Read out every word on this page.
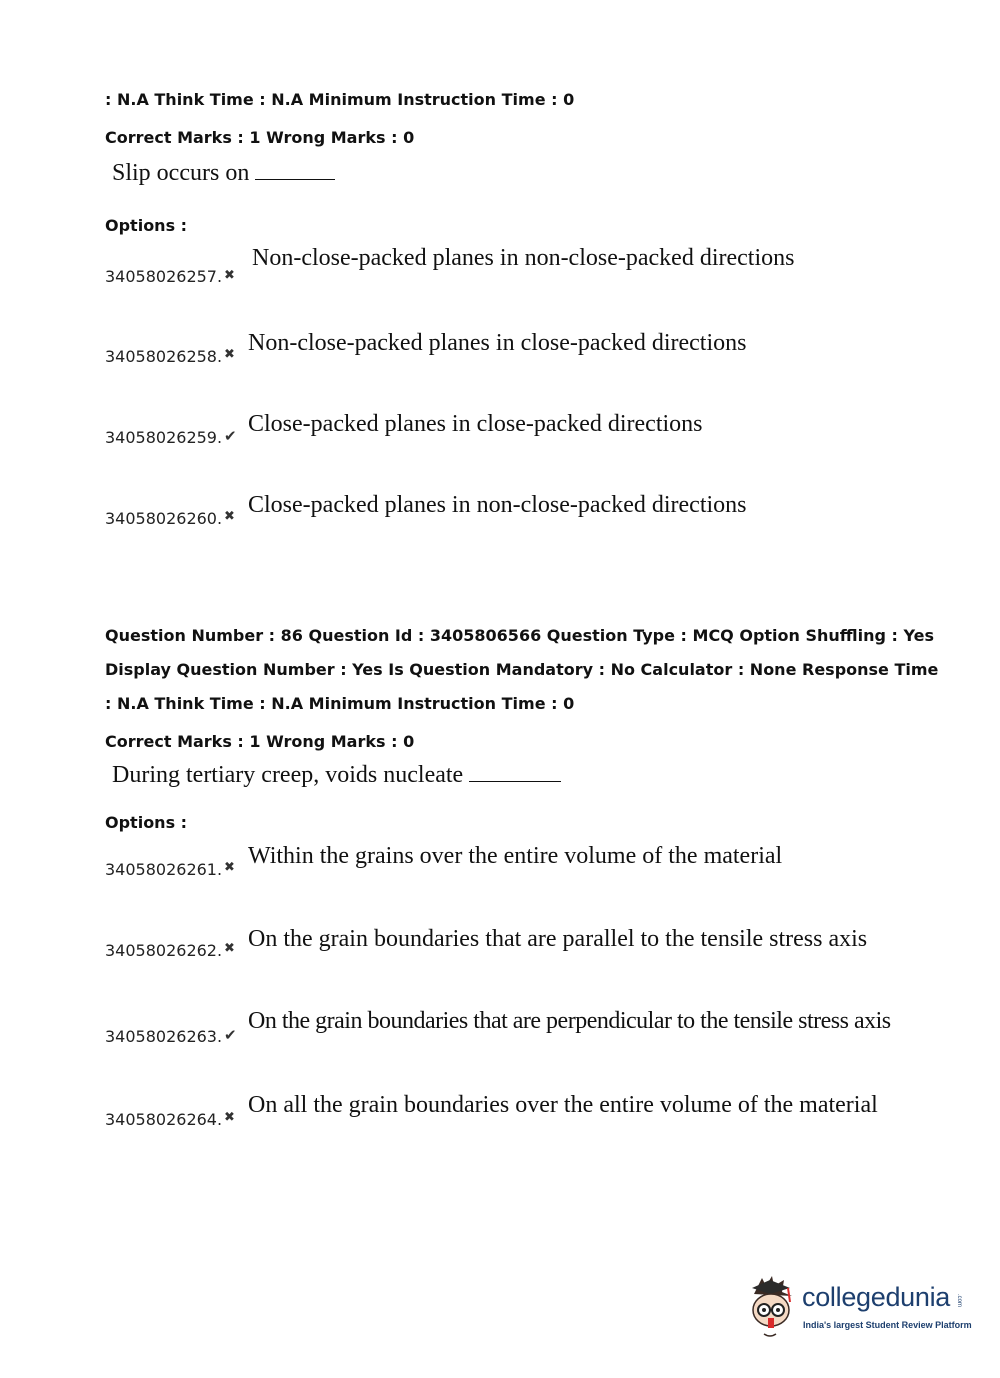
: N.A Think Time : N.A Minimum Instruction Time : 0
Correct Marks : 1 Wrong Marks : 0
Slip occurs on
Options :
34058026257. ✖
Non-close-packed planes in non-close-packed directions
34058026258. ✖ Non-close-packed planes in close-packed directions
34058026259. ✔ Close-packed planes in close-packed directions
34058026260. ✖ Close-packed planes in non-close-packed directions
Question Number : 86 Question Id : 3405806566 Question Type : MCQ Option Shuffling : Yes
Display Question Number : Yes Is Question Mandatory : No Calculator : None Response Time
: N.A Think Time : N.A Minimum Instruction Time : 0
Correct Marks : 1 Wrong Marks : 0
During tertiary creep, voids nucleate
Options :
34058026261. ✖ Within the grains over the entire volume of the material
34058026262. ✖ On the grain boundaries that are parallel to the tensile stress axis
34058026263. ✔
On the grain boundaries that are perpendicular to the tensile stress axis
34058026264. ✖ On all the grain boundaries over the entire volume of the material
collegedunia .com
India's largest Student Review Platform
